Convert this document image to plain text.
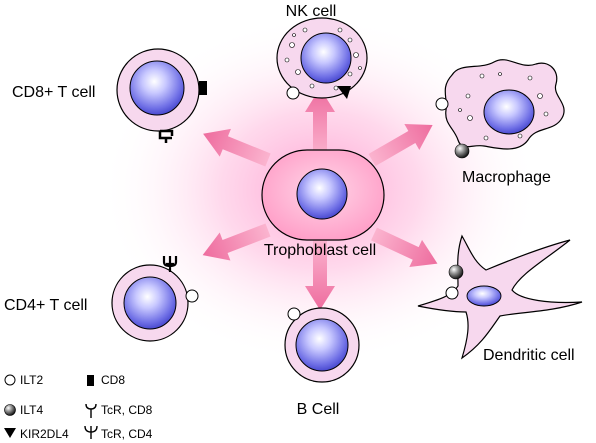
Trophoblast cell
NK cell
CD8+ T cell
Macrophage
CD4+ T cell
B Cell
Dendritic cell
ILT2
ILT4
KIR2DL4
CD8
TcR, CD8
TcR, CD4
